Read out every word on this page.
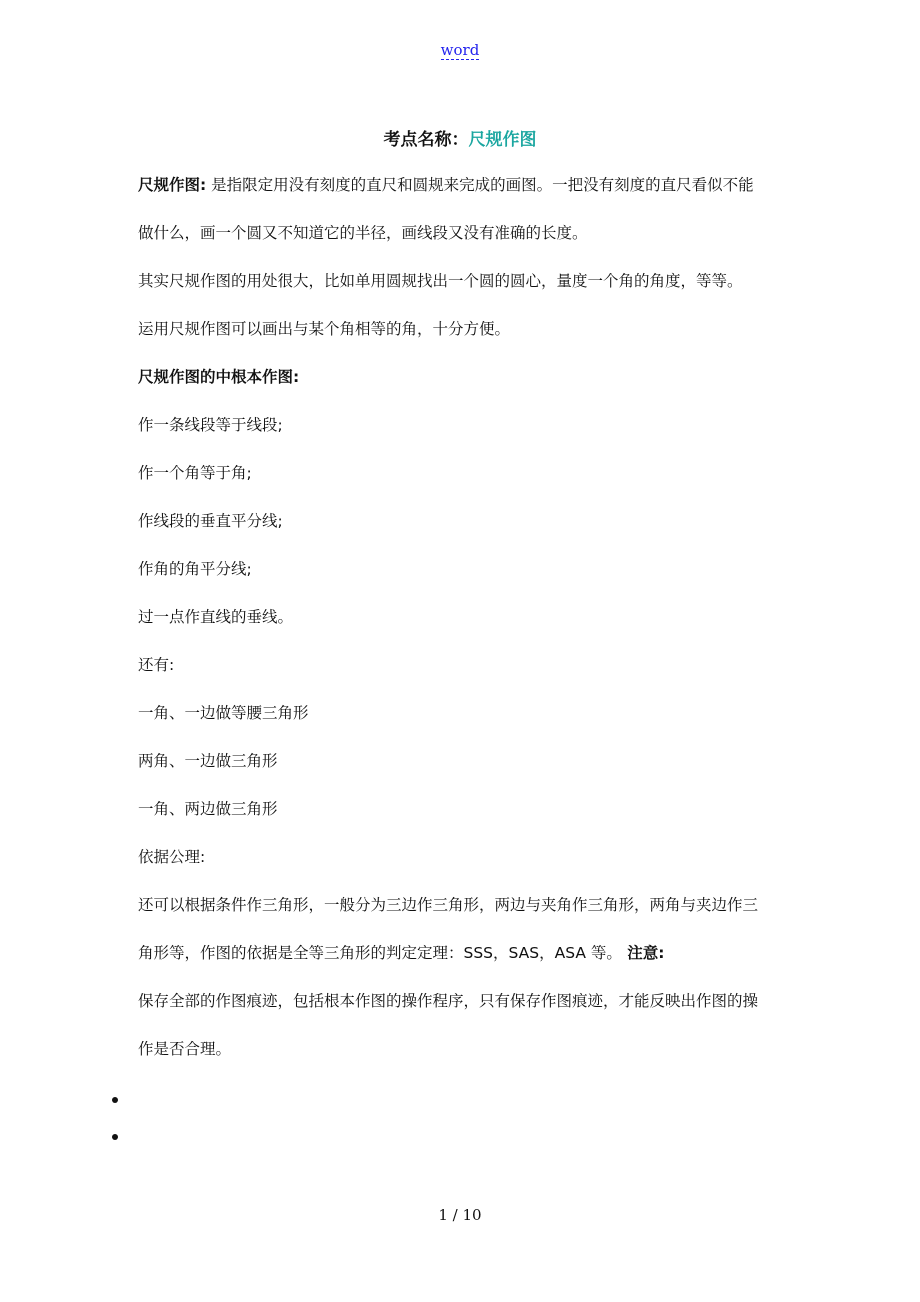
word
考点名称：尺规作图
尺规作图: 是指限定用没有刻度的直尺和圆规来完成的画图。一把没有刻度的直尺看似不能
做什么，画一个圆又不知道它的半径，画线段又没有准确的长度。
其实尺规作图的用处很大，比如单用圆规找出一个圆的圆心，量度一个角的角度，等等。
运用尺规作图可以画出与某个角相等的角，十分方便。
尺规作图的中根本作图:
作一条线段等于线段;
作一个角等于角;
作线段的垂直平分线;
作角的角平分线;
过一点作直线的垂线。
还有:
一角、一边做等腰三角形
两角、一边做三角形
一角、两边做三角形
依据公理:
还可以根据条件作三角形，一般分为三边作三角形，两边与夹角作三角形，两角与夹边作三
角形等，作图的依据是全等三角形的判定定理：SSS，SAS，ASA 等。 注意:
保存全部的作图痕迹，包括根本作图的操作程序，只有保存作图痕迹，才能反映出作图的操
作是否合理。
1 / 10
